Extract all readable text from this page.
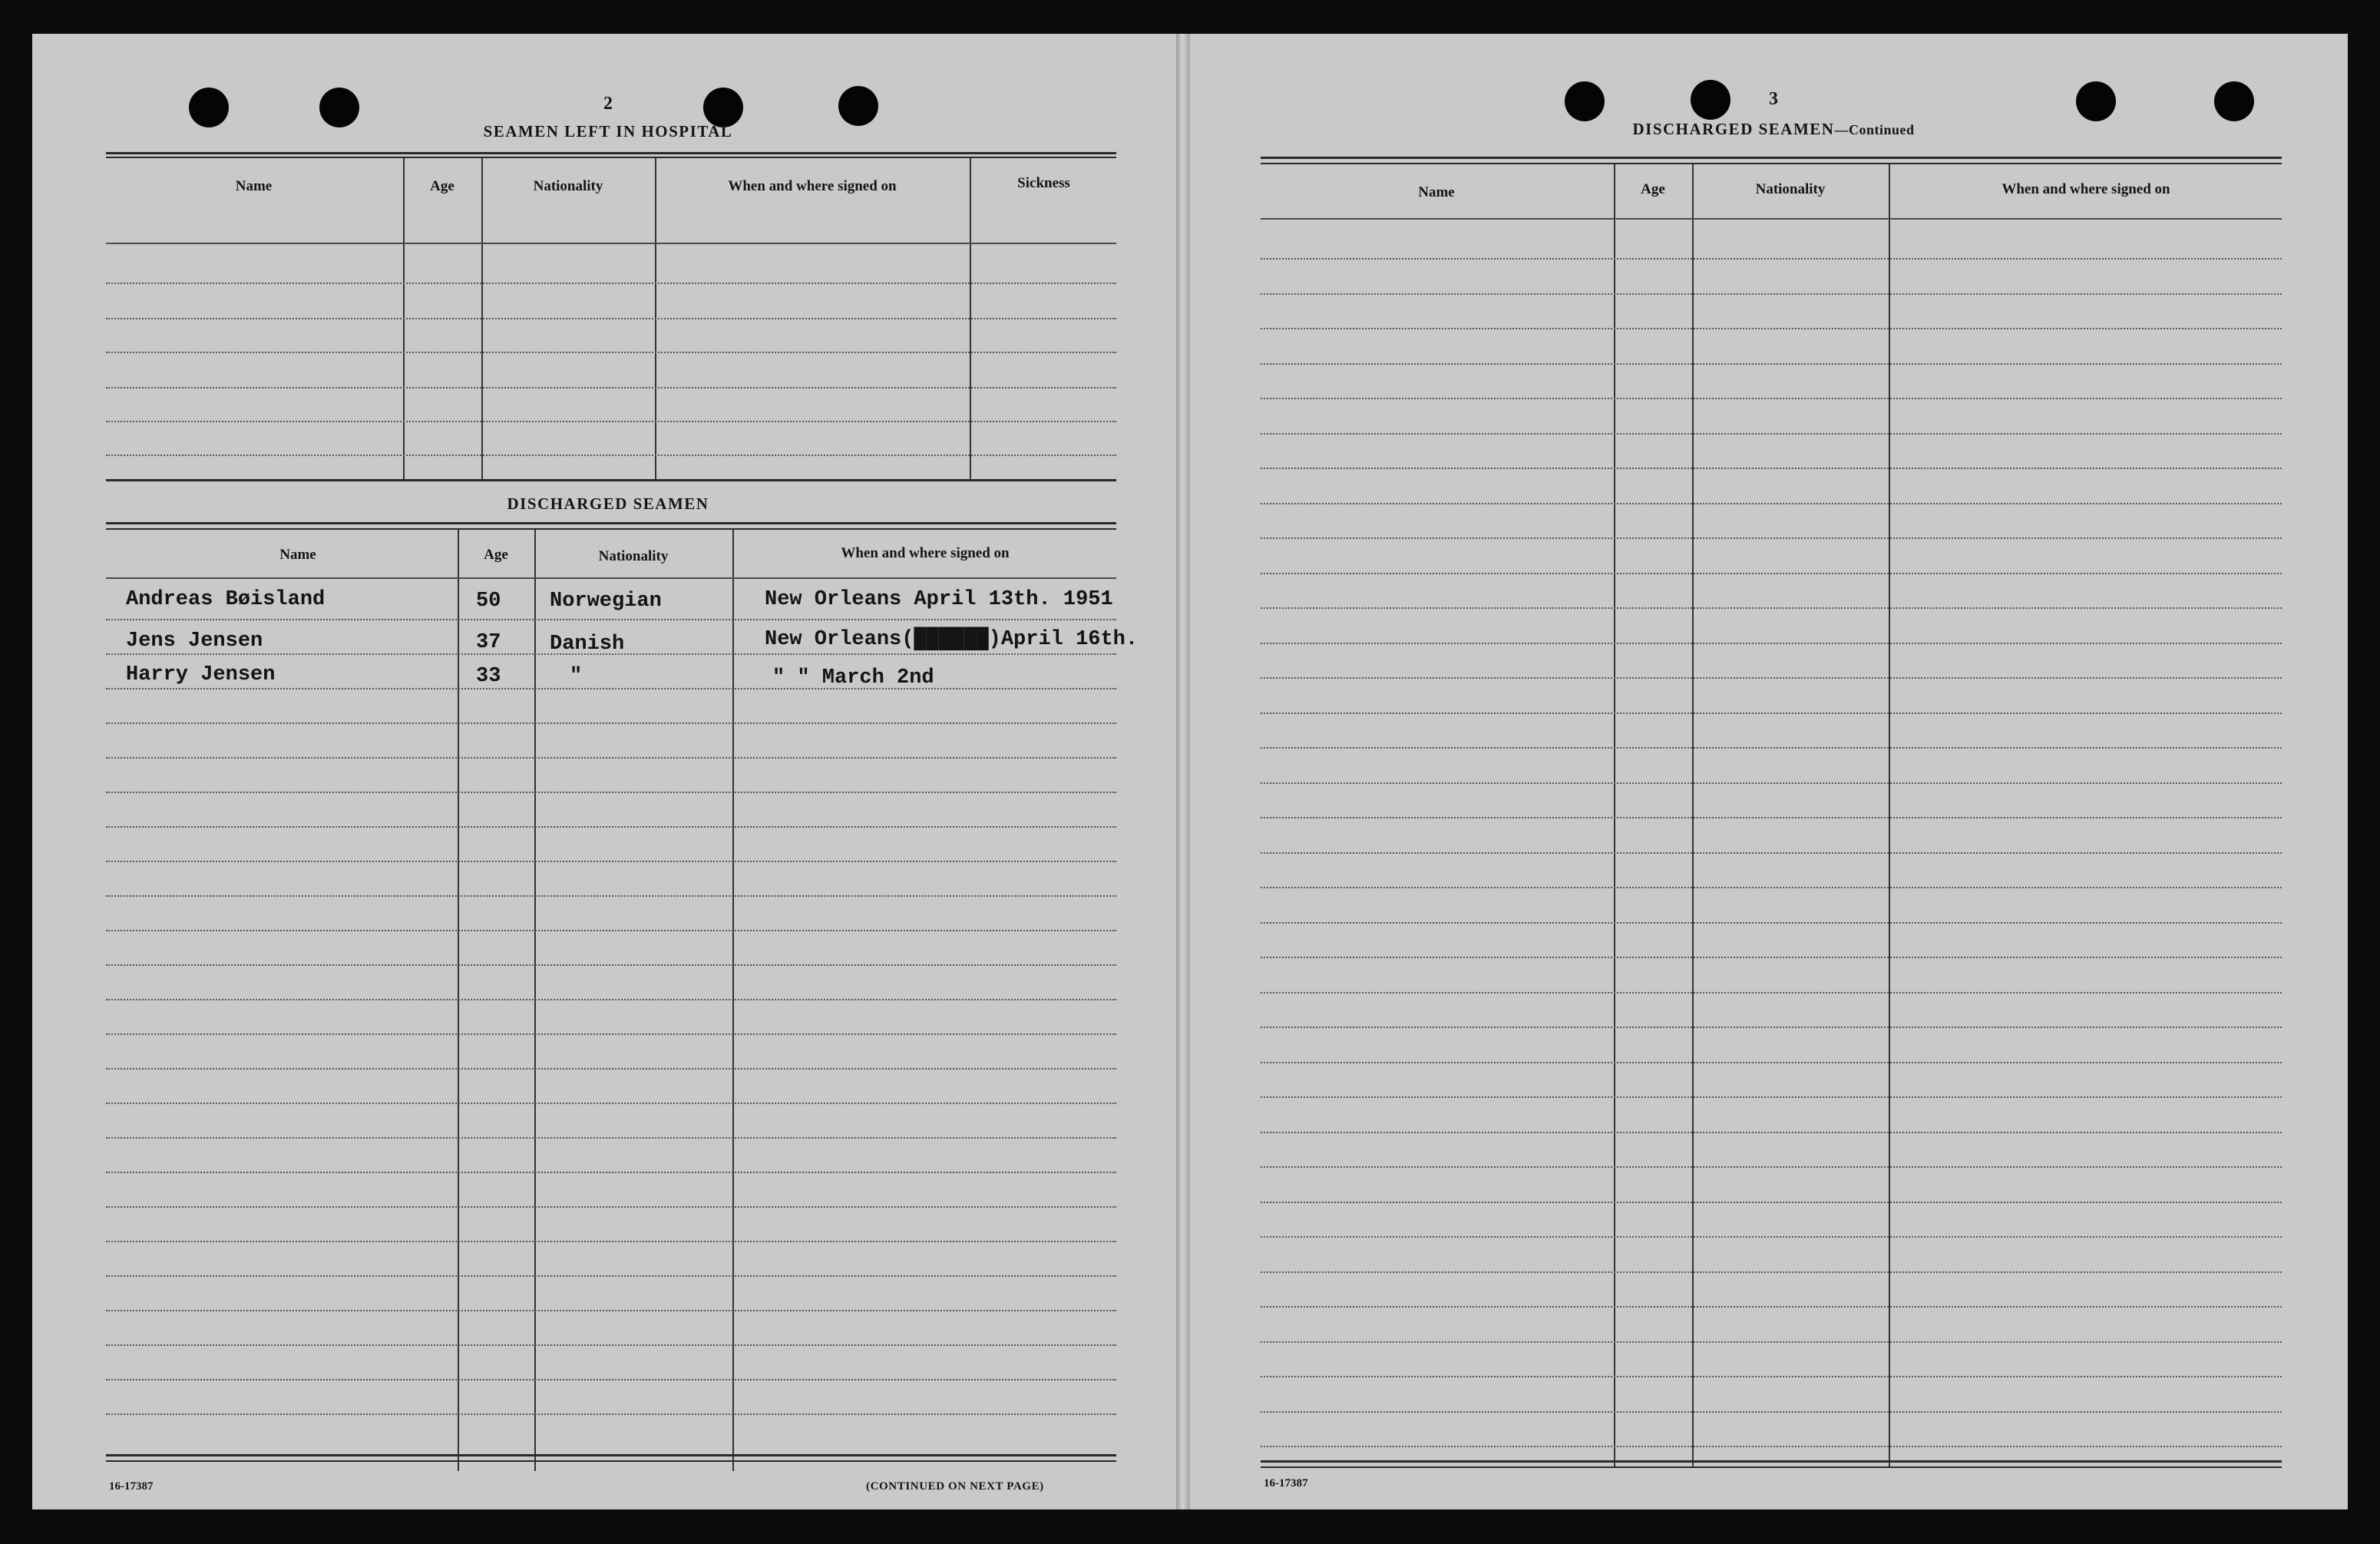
2
SEAMEN LEFT IN HOSPITAL
Name	Age	Nationality	When and where signed on	Sickness
DISCHARGED SEAMEN
Name	Age	Nationality	When and where signed on
Andreas Bøisland	50 Norwegian	New Orleans April 13th. 1951
Jens Jensen	37 Danish	New Orleans(██████)April 16th.
Harry Jensen	33	"	" " March 2nd
16-17387	(CONTINUED ON NEXT PAGE)
3
DISCHARGED SEAMEN—Continued
Name	Age	Nationality	When and where signed on
16-17387
